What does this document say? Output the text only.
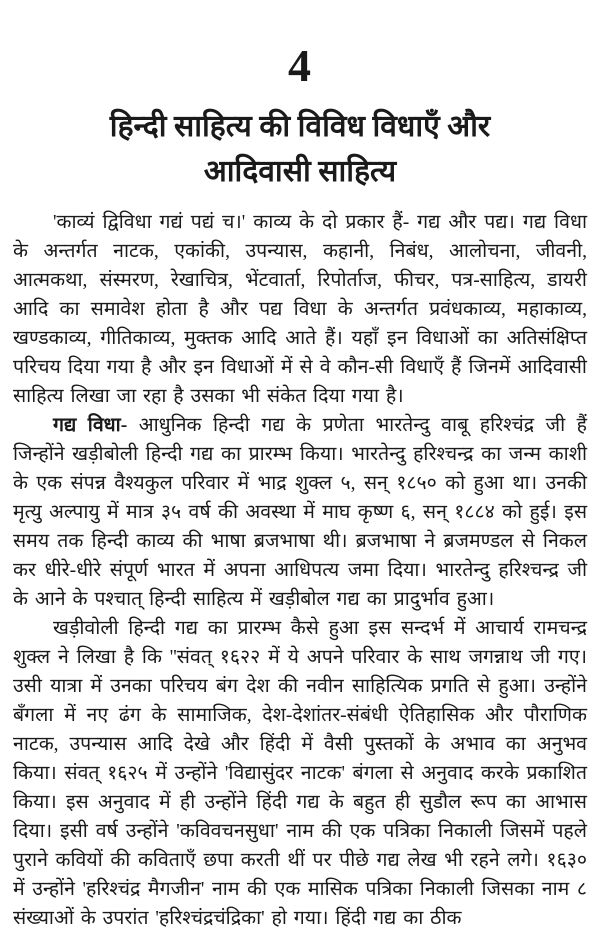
4
हिन्दी साहित्य की विविध विधाएँ और
आदिवासी साहित्य

'काव्यं द्विविधा गद्यं पद्यं च।' काव्य के दो प्रकार हैं- गद्य और पद्य। गद्य विधा के अन्तर्गत नाटक, एकांकी, उपन्यास, कहानी, निबंध, आलोचना, जीवनी, आत्मकथा, संस्मरण, रेखाचित्र, भेंटवार्ता, रिपोर्ताज, फीचर, पत्र-साहित्य, डायरी आदि का समावेश होता है और पद्य विधा के अन्तर्गत प्रवंधकाव्य, महाकाव्य, खण्डकाव्य, गीतिकाव्य, मुक्तक आदि आते हैं। यहाँ इन विधाओं का अतिसंक्षिप्त परिचय दिया गया है और इन विधाओं में से वे कौन-सी विधाएँ हैं जिनमें आदिवासी साहित्य लिखा जा रहा है उसका भी संकेत दिया गया है।

गद्य विधा- आधुनिक हिन्दी गद्य के प्रणेता भारतेन्दु वाबू हरिश्चंद्र जी हैं जिन्होंने खड़ीबोली हिन्दी गद्य का प्रारम्भ किया। भारतेन्दु हरिश्चन्द्र का जन्म काशी के एक संपन्न वैश्यकुल परिवार में भाद्र शुक्ल ५, सन् १८५० को हुआ था। उनकी मृत्यु अल्पायु में मात्र ३५ वर्ष की अवस्था में माघ कृष्ण ६, सन् १८८४ को हुई। इस समय तक हिन्दी काव्य की भाषा ब्रजभाषा थी। ब्रजभाषा ने ब्रजमण्डल से निकल कर धीरे-धीरे संपूर्ण भारत में अपना आधिपत्य जमा दिया। भारतेन्दु हरिश्चन्द्र जी के आने के पश्चात् हिन्दी साहित्य में खड़ीबोल गद्य का प्रादुर्भाव हुआ।

खड़ीवोली हिन्दी गद्य का प्रारम्भ कैसे हुआ इस सन्दर्भ में आचार्य रामचन्द्र शुक्ल ने लिखा है कि ''संवत् १६२२ में ये अपने परिवार के साथ जगन्नाथ जी गए। उसी यात्रा में उनका परिचय बंग देश की नवीन साहित्यिक प्रगति से हुआ। उन्होंने बँगला में नए ढंग के सामाजिक, देश-देशांतर-संबंधी ऐतिहासिक और पौराणिक नाटक, उपन्यास आदि देखे और हिंदी में वैसी पुस्तकों के अभाव का अनुभव किया। संवत् १६२५ में उन्होंने 'विद्यासुंदर नाटक' बंगला से अनुवाद करके प्रकाशित किया। इस अनुवाद में ही उन्होंने हिंदी गद्य के बहुत ही सुडौल रूप का आभास दिया। इसी वर्ष उन्होंने 'कविवचनसुधा' नाम की एक पत्रिका निकाली जिसमें पहले पुराने कवियों की कविताएँ छपा करती थीं पर पीछे गद्य लेख भी रहने लगे। १६३० में उन्होंने 'हरिश्चंद्र मैगजीन' नाम की एक मासिक पत्रिका निकाली जिसका नाम ८ संख्याओं के उपरांत 'हरिश्चंद्रचंद्रिका' हो गया। हिंदी गद्य का ठीक
